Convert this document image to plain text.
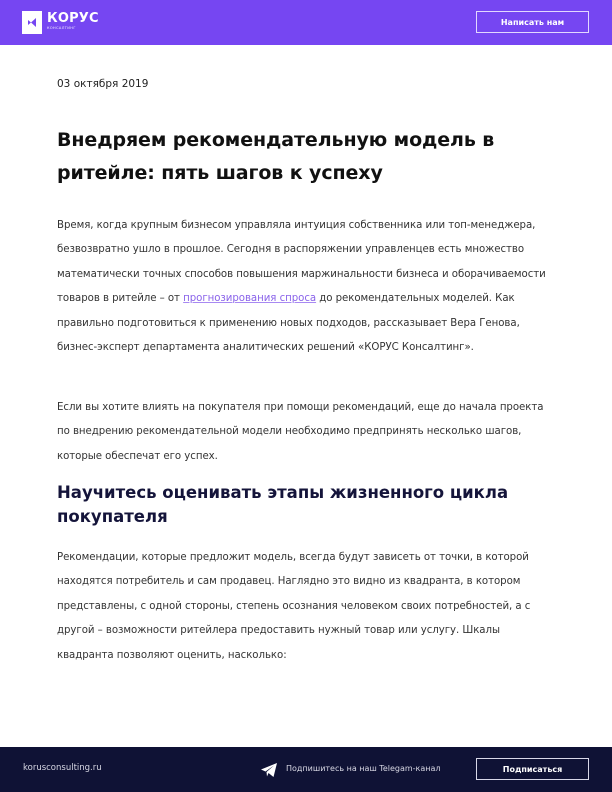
КОРУС
КОНСАЛТИНГ
Написать нам
03 октября 2019
Внедряем рекомендательную модель в ритейле: пять шагов к успеху

Время, когда крупным бизнесом управляла интуиция собственника или топ-менеджера, безвозвратно ушло в прошлое. Сегодня в распоряжении управленцев есть множество математически точных способов повышения маржинальности бизнеса и оборачиваемости товаров в ритейле – от прогнозирования спроса до рекомендательных моделей. Как правильно подготовиться к применению новых подходов, рассказывает Вера Генова, бизнес-эксперт департамента аналитических решений «КОРУС Консалтинг».

Если вы хотите влиять на покупателя при помощи рекомендаций, еще до начала проекта по внедрению рекомендательной модели необходимо предпринять несколько шагов, которые обеспечат его успех.

Научитесь оценивать этапы жизненного цикла покупателя

Рекомендации, которые предложит модель, всегда будут зависеть от точки, в которой находятся потребитель и сам продавец. Наглядно это видно из квадранта, в котором представлены, с одной стороны, степень осознания человеком своих потребностей, а с другой – возможности ритейлера предоставить нужный товар или услугу. Шкалы квадранта позволяют оценить, насколько:

korusconsulting.ru	Подпишитесь на наш Telegam-канал	Подписаться
